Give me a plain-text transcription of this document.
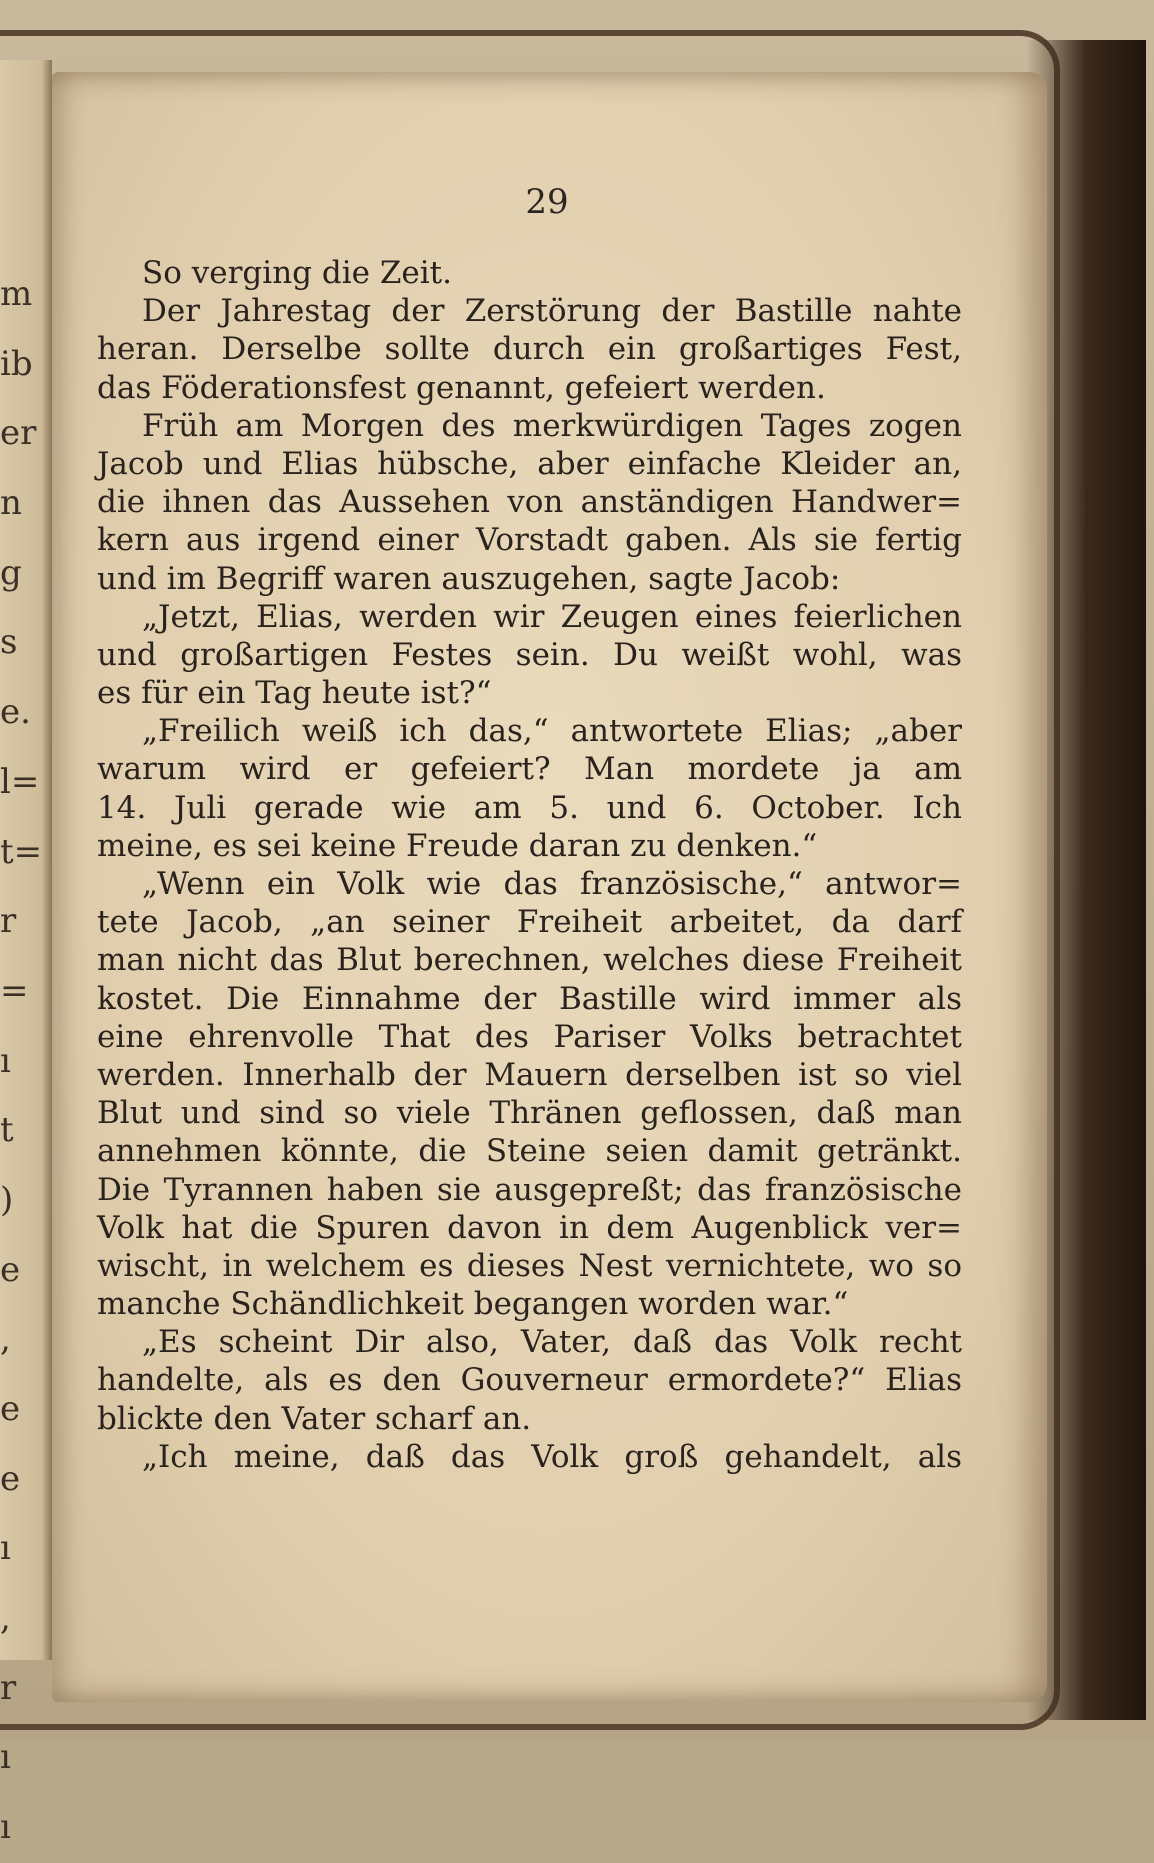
m
ib
er
n
g
s
e.
l=
t=
r
=
ı
t
)
e
,
e
e
ı
,
r
ı
ı
29
So verging die Zeit.
Der Jahrestag der Zerstörung der Bastille nahte
heran. Derselbe sollte durch ein großartiges Fest,
das Föderationsfest genannt, gefeiert werden.
Früh am Morgen des merkwürdigen Tages zogen
Jacob und Elias hübsche, aber einfache Kleider an,
die ihnen das Aussehen von anständigen Handwer=
kern aus irgend einer Vorstadt gaben. Als sie fertig
und im Begriff waren auszugehen, sagte Jacob:
„Jetzt, Elias, werden wir Zeugen eines feierlichen
und großartigen Festes sein. Du weißt wohl, was
es für ein Tag heute ist?“
„Freilich weiß ich das,“ antwortete Elias; „aber
warum wird er gefeiert? Man mordete ja am
14. Juli gerade wie am 5. und 6. October. Ich
meine, es sei keine Freude daran zu denken.“
„Wenn ein Volk wie das französische,“ antwor=
tete Jacob, „an seiner Freiheit arbeitet, da darf
man nicht das Blut berechnen, welches diese Freiheit
kostet. Die Einnahme der Bastille wird immer als
eine ehrenvolle That des Pariser Volks betrachtet
werden. Innerhalb der Mauern derselben ist so viel
Blut und sind so viele Thränen geflossen, daß man
annehmen könnte, die Steine seien damit getränkt.
Die Tyrannen haben sie ausgepreßt; das französische
Volk hat die Spuren davon in dem Augenblick ver=
wischt, in welchem es dieses Nest vernichtete, wo so
manche Schändlichkeit begangen worden war.“
„Es scheint Dir also, Vater, daß das Volk recht
handelte, als es den Gouverneur ermordete?“ Elias
blickte den Vater scharf an.
„Ich meine, daß das Volk groß gehandelt, als
